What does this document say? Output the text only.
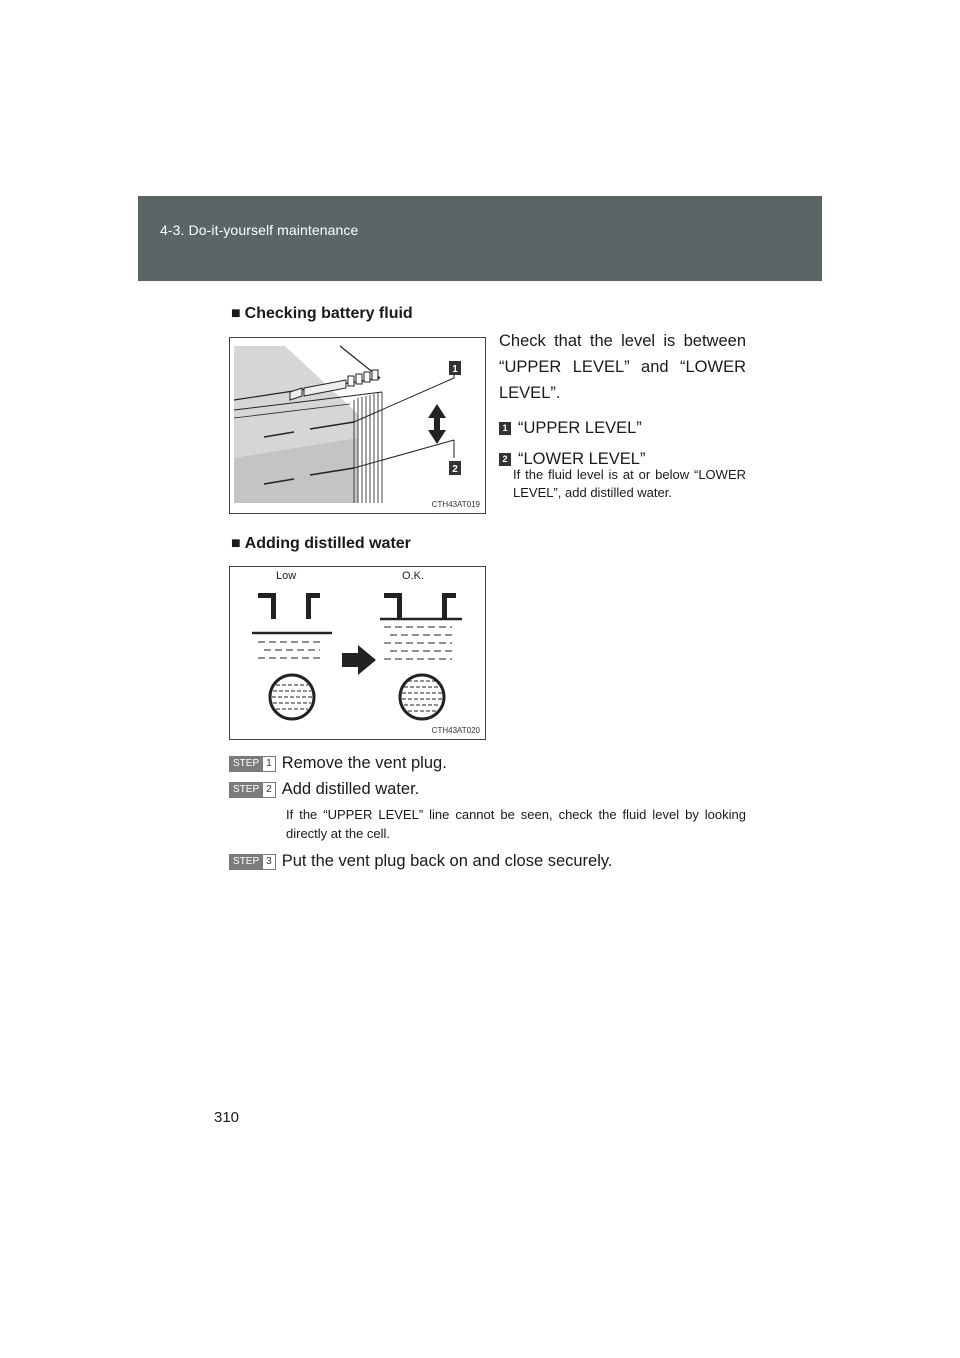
4-3. Do-it-yourself maintenance
■ Checking battery fluid
1
2
CTH43AT019
Check that the level is between “UPPER LEVEL” and “LOWER LEVEL”.
1 “UPPER LEVEL”
2 “LOWER LEVEL”
If the fluid level is at or below “LOWER LEVEL”, add distilled water.
■ Adding distilled water
Low	O.K.
CTH43AT020
STEP 1 Remove the vent plug.
STEP 2 Add distilled water.
If the “UPPER LEVEL” line cannot be seen, check the fluid level by looking directly at the cell.
STEP 3 Put the vent plug back on and close securely.
310
